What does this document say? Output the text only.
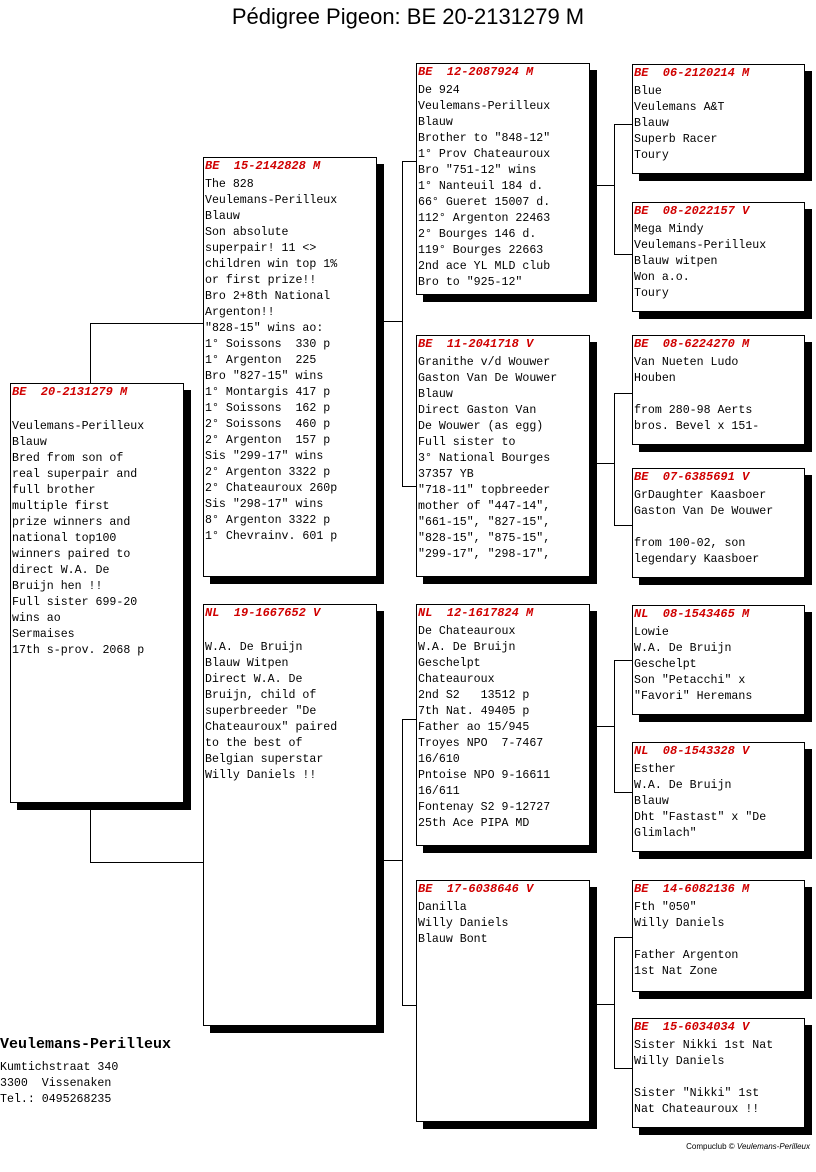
Pédigree Pigeon: BE 20-2131279 M
BE  20-2131279 M
Veulemans-Perilleux
Blauw
Bred from son of
real superpair and
full brother
multiple first
prize winners and
national top100
winners paired to
direct W.A. De
Bruijn hen !!
Full sister 699-20
wins ao
Sermaises
17th s-prov. 2068 p
BE  15-2142828 M
The 828
Veulemans-Perilleux
Blauw
Son absolute
superpair! 11 <>
children win top 1%
or first prize!!
Bro 2+8th National
Argenton!!
"828-15" wins ao:
1° Soissons  330 p
1° Argenton  225
Bro "827-15" wins
1° Montargis 417 p
1° Soissons  162 p
2° Soissons  460 p
2° Argenton  157 p
Sis "299-17" wins
2° Argenton 3322 p
2° Chateauroux 260p
Sis "298-17" wins
8° Argenton 3322 p
1° Chevrainv. 601 p
NL  19-1667652 V
W.A. De Bruijn
Blauw Witpen
Direct W.A. De
Bruijn, child of
superbreeder "De
Chateauroux" paired
to the best of
Belgian superstar
Willy Daniels !!
BE  12-2087924 M
De 924
Veulemans-Perilleux
Blauw
Brother to "848-12"
1° Prov Chateauroux
Bro "751-12" wins
1° Nanteuil 184 d.
66° Gueret 15007 d.
112° Argenton 22463
2° Bourges 146 d.
119° Bourges 22663
2nd ace YL MLD club
Bro to "925-12"
BE  11-2041718 V
Granithe v/d Wouwer
Gaston Van De Wouwer
Blauw
Direct Gaston Van
De Wouwer (as egg)
Full sister to
3° National Bourges
37357 YB
"718-11" topbreeder
mother of "447-14",
"661-15", "827-15",
"828-15", "875-15",
"299-17", "298-17",
NL  12-1617824 M
De Chateauroux
W.A. De Bruijn
Geschelpt
Chateauroux
2nd S2   13512 p
7th Nat. 49405 p
Father ao 15/945
Troyes NPO  7-7467
16/610
Pntoise NPO 9-16611
16/611
Fontenay S2 9-12727
25th Ace PIPA MD
BE  17-6038646 V
Danilla
Willy Daniels
Blauw Bont
BE  06-2120214 M
Blue
Veulemans A&T
Blauw
Superb Racer
Toury
BE  08-2022157 V
Mega Mindy
Veulemans-Perilleux
Blauw witpen
Won a.o.
Toury
BE  08-6224270 M
Van Nueten Ludo
Houben
from 280-98 Aerts
bros. Bevel x 151-
BE  07-6385691 V
GrDaughter Kaasboer
Gaston Van De Wouwer
from 100-02, son
legendary Kaasboer
NL  08-1543465 M
Lowie
W.A. De Bruijn
Geschelpt
Son "Petacchi" x
"Favori" Heremans
NL  08-1543328 V
Esther
W.A. De Bruijn
Blauw
Dht "Fastast" x "De
Glimlach"
BE  14-6082136 M
Fth "050"
Willy Daniels
Father Argenton
1st Nat Zone
BE  15-6034034 V
Sister Nikki 1st Nat
Willy Daniels
Sister "Nikki" 1st
Nat Chateauroux !!
Veulemans-Perilleux
Kumtichstraat 340
3300  Vissenaken
Tel.: 0495268235
Compuclub © Veulemans-Perilleux
